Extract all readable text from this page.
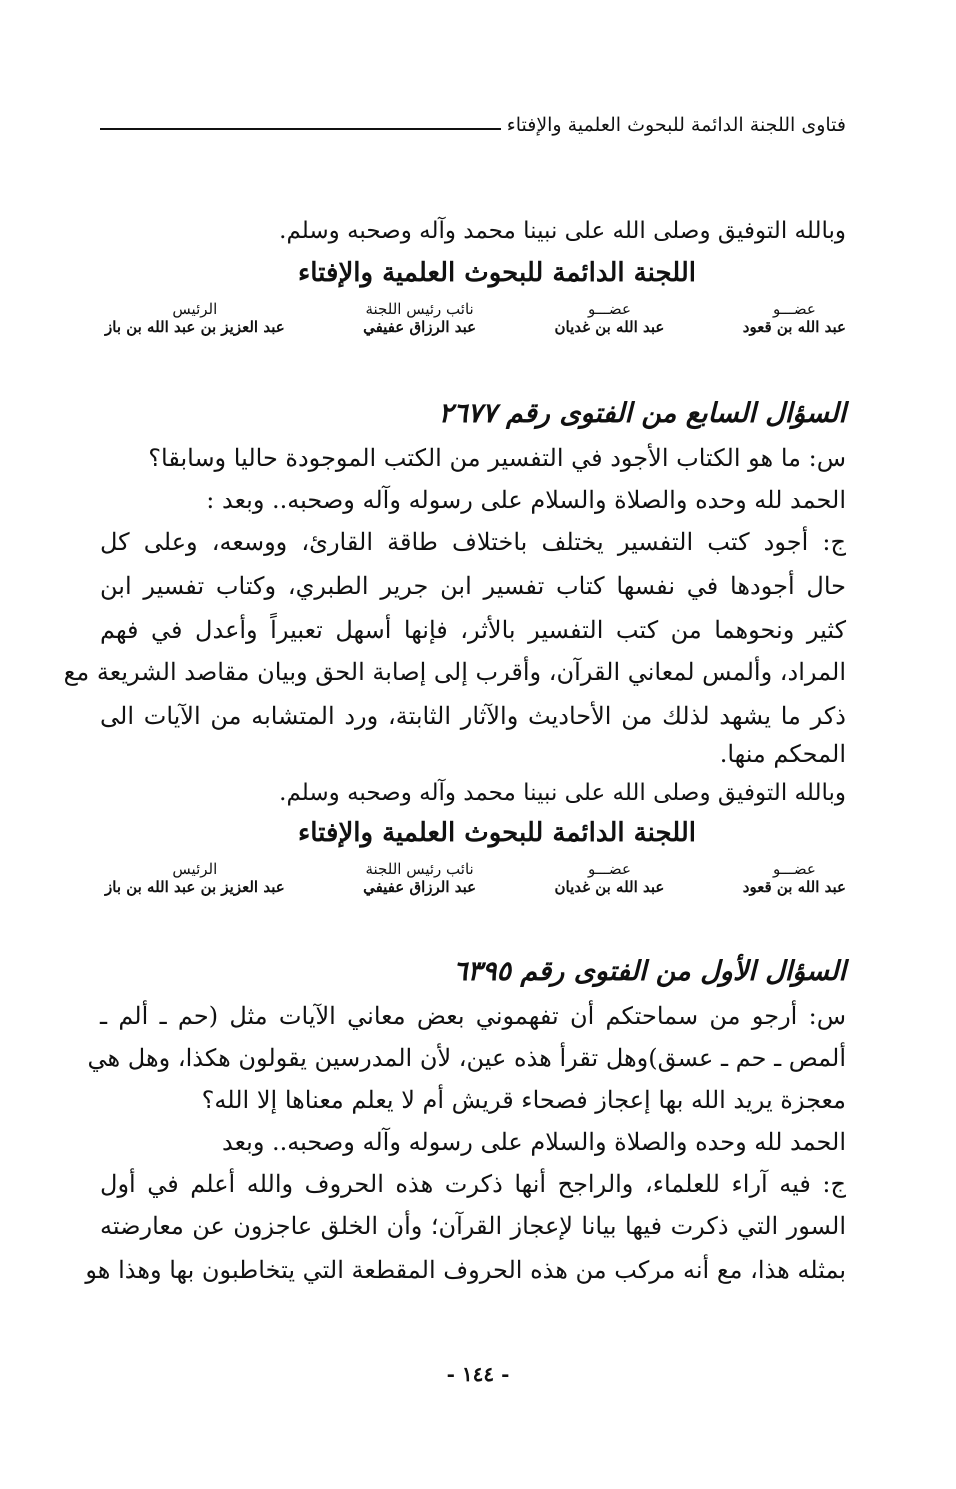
فتاوى اللجنة الدائمة للبحوث العلمية والإفتاء
وبالله التوفيق وصلى الله على نبينا محمد وآله وصحبه وسلم.
اللجنة الدائمة للبحوث العلمية والإفتاء
عضـــو
عبد الله بن قعود
عضـــو
عبد الله بن غديان
نائب رئيس اللجنة
عبد الرزاق عفيفي
الرئيس
عبد العزيز بن عبد الله بن باز
السؤال السابع من الفتوى رقم ٢٦٧٧
س: ما هو الكتاب الأجود في التفسير من الكتب الموجودة حاليا وسابقا؟
الحمد لله وحده والصلاة والسلام على رسوله وآله وصحبه.. وبعد :
ج: أجود كتب التفسير يختلف باختلاف طاقة القارئ، ووسعه، وعلى كل
حال أجودها في نفسها كتاب تفسير ابن جرير الطبري، وكتاب تفسير ابن
كثير ونحوهما من كتب التفسير بالأثر، فإنها أسهل تعبيراً وأعدل في فهم
المراد، وألمس لمعاني القرآن، وأقرب إلى إصابة الحق وبيان مقاصد الشريعة مع
ذكر ما يشهد لذلك من الأحاديث والآثار الثابتة، ورد المتشابه من الآيات الى
المحكم منها.
وبالله التوفيق وصلى الله على نبينا محمد وآله وصحبه وسلم.
اللجنة الدائمة للبحوث العلمية والإفتاء
عضـــو
عبد الله بن قعود
عضـــو
عبد الله بن غديان
نائب رئيس اللجنة
عبد الرزاق عفيفي
الرئيس
عبد العزيز بن عبد الله بن باز
السؤال الأول من الفتوى رقم ٦٣٩٥
س: أرجو من سماحتكم أن تفهموني بعض معاني الآيات مثل (حم ـ ألم ـ
ألمص ـ حم ـ عسق)وهل تقرأ هذه عين، لأن المدرسين يقولون هكذا، وهل هي
معجزة يريد الله بها إعجاز فصحاء قريش أم لا يعلم معناها إلا الله؟
الحمد لله وحده والصلاة والسلام على رسوله وآله وصحبه.. وبعد
ج: فيه آراء للعلماء، والراجح أنها ذكرت هذه الحروف والله أعلم في أول
السور التي ذكرت فيها بيانا لإعجاز القرآن؛ وأن الخلق عاجزون عن معارضته
بمثله هذا، مع أنه مركب من هذه الحروف المقطعة التي يتخاطبون بها وهذا هو
- ١٤٤ -
